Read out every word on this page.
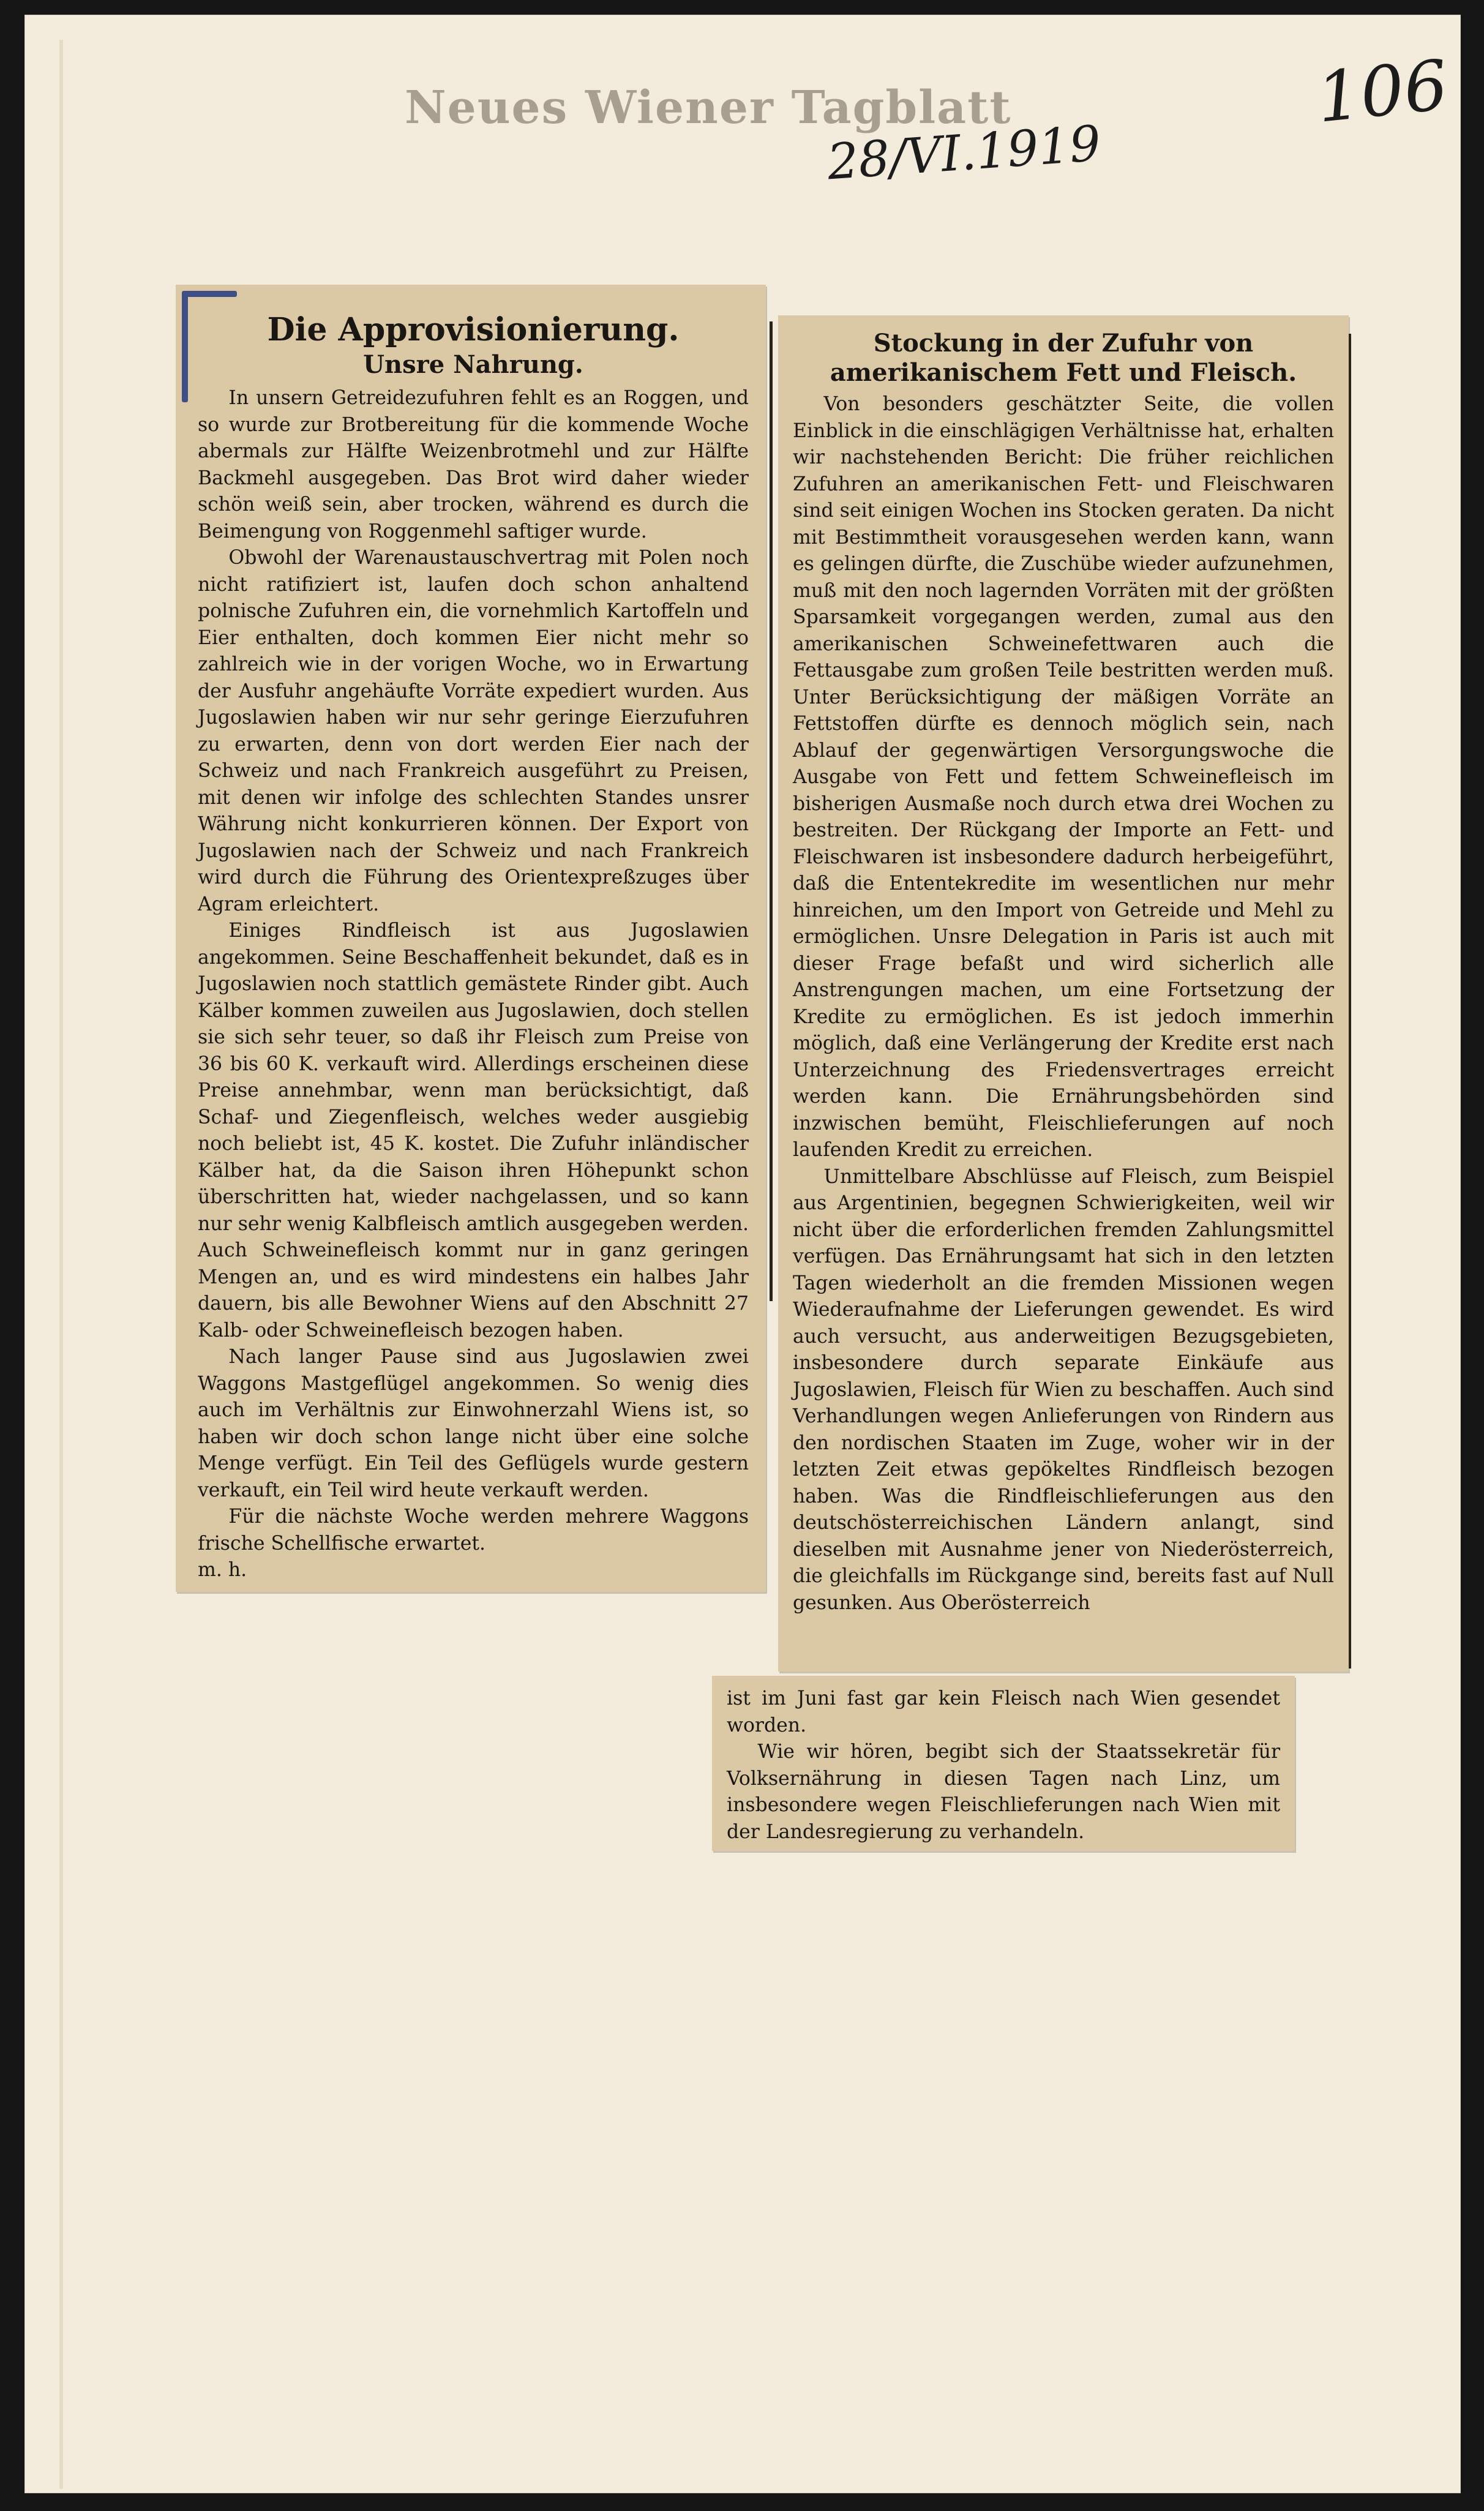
Neues Wiener Tagblatt
28/VI.1919
106
Die Approvisionierung.
Unsre Nahrung.

In unsern Getreidezufuhren fehlt es an Roggen, und so wurde zur Brotbereitung für die kommende Woche abermals zur Hälfte Weizenbrotmehl und zur Hälfte Backmehl ausgegeben. Das Brot wird daher wieder schön weiß sein, aber trocken, während es durch die Beimengung von Roggenmehl saftiger wurde.

Obwohl der Warenaustauschvertrag mit Polen noch nicht ratifiziert ist, laufen doch schon anhaltend polnische Zufuhren ein, die vornehmlich Kartoffeln und Eier enthalten, doch kommen Eier nicht mehr so zahlreich wie in der vorigen Woche, wo in Erwartung der Ausfuhr angehäufte Vorräte expediert wurden. Aus Jugoslawien haben wir nur sehr geringe Eierzufuhren zu erwarten, denn von dort werden Eier nach der Schweiz und nach Frankreich ausgeführt zu Preisen, mit denen wir infolge des schlechten Standes unsrer Währung nicht konkurrieren können. Der Export von Jugoslawien nach der Schweiz und nach Frankreich wird durch die Führung des Orientexpreßzuges über Agram erleichtert.

Einiges Rindfleisch ist aus Jugoslawien angekommen. Seine Beschaffenheit bekundet, daß es in Jugoslawien noch stattlich gemästete Rinder gibt. Auch Kälber kommen zuweilen aus Jugoslawien, doch stellen sie sich sehr teuer, so daß ihr Fleisch zum Preise von 36 bis 60 K. verkauft wird. Allerdings erscheinen diese Preise annehmbar, wenn man berücksichtigt, daß Schaf- und Ziegenfleisch, welches weder ausgiebig noch beliebt ist, 45 K. kostet. Die Zufuhr inländischer Kälber hat, da die Saison ihren Höhepunkt schon überschritten hat, wieder nachgelassen, und so kann nur sehr wenig Kalbfleisch amtlich ausgegeben werden. Auch Schweinefleisch kommt nur in ganz geringen Mengen an, und es wird mindestens ein halbes Jahr dauern, bis alle Bewohner Wiens auf den Abschnitt 27 Kalb- oder Schweinefleisch bezogen haben.

Nach langer Pause sind aus Jugoslawien zwei Waggons Mastgeflügel angekommen. So wenig dies auch im Verhältnis zur Einwohnerzahl Wiens ist, so haben wir doch schon lange nicht über eine solche Menge verfügt. Ein Teil des Geflügels wurde gestern verkauft, ein Teil wird heute verkauft werden.

Für die nächste Woche werden mehrere Waggons frische Schellfische erwartet.

m. h.

Stockung in der Zufuhr von amerikanischem Fett und Fleisch.

Von besonders geschätzter Seite, die vollen Einblick in die einschlägigen Verhältnisse hat, erhalten wir nachstehenden Bericht: Die früher reichlichen Zufuhren an amerikanischen Fett- und Fleischwaren sind seit einigen Wochen ins Stocken geraten. Da nicht mit Bestimmtheit vorausgesehen werden kann, wann es gelingen dürfte, die Zuschübe wieder aufzunehmen, muß mit den noch lagernden Vorräten mit der größten Sparsamkeit vorgegangen werden, zumal aus den amerikanischen Schweinefettwaren auch die Fettausgabe zum großen Teile bestritten werden muß. Unter Berücksichtigung der mäßigen Vorräte an Fettstoffen dürfte es dennoch möglich sein, nach Ablauf der gegenwärtigen Versorgungswoche die Ausgabe von Fett und fettem Schweinefleisch im bisherigen Ausmaße noch durch etwa drei Wochen zu bestreiten. Der Rückgang der Importe an Fett- und Fleischwaren ist insbesondere dadurch herbeigeführt, daß die Ententekredite im wesentlichen nur mehr hinreichen, um den Import von Getreide und Mehl zu ermöglichen. Unsre Delegation in Paris ist auch mit dieser Frage befaßt und wird sicherlich alle Anstrengungen machen, um eine Fortsetzung der Kredite zu ermöglichen. Es ist jedoch immerhin möglich, daß eine Verlängerung der Kredite erst nach Unterzeichnung des Friedensvertrages erreicht werden kann. Die Ernährungsbehörden sind inzwischen bemüht, Fleischlieferungen auf noch laufenden Kredit zu erreichen.

Unmittelbare Abschlüsse auf Fleisch, zum Beispiel aus Argentinien, begegnen Schwierigkeiten, weil wir nicht über die erforderlichen fremden Zahlungsmittel verfügen. Das Ernährungsamt hat sich in den letzten Tagen wiederholt an die fremden Missionen wegen Wiederaufnahme der Lieferungen gewendet. Es wird auch versucht, aus anderweitigen Bezugsgebieten, insbesondere durch separate Einkäufe aus Jugoslawien, Fleisch für Wien zu beschaffen. Auch sind Verhandlungen wegen Anlieferungen von Rindern aus den nordischen Staaten im Zuge, woher wir in der letzten Zeit etwas gepökeltes Rindfleisch bezogen haben. Was die Rindfleischlieferungen aus den deutschösterreichischen Ländern anlangt, sind dieselben mit Ausnahme jener von Niederösterreich, die gleichfalls im Rückgange sind, bereits fast auf Null gesunken. Aus Oberösterreich

ist im Juni fast gar kein Fleisch nach Wien gesendet worden.

Wie wir hören, begibt sich der Staatssekretär für Volksernährung in diesen Tagen nach Linz, um insbesondere wegen Fleischlieferungen nach Wien mit der Landesregierung zu verhandeln.
